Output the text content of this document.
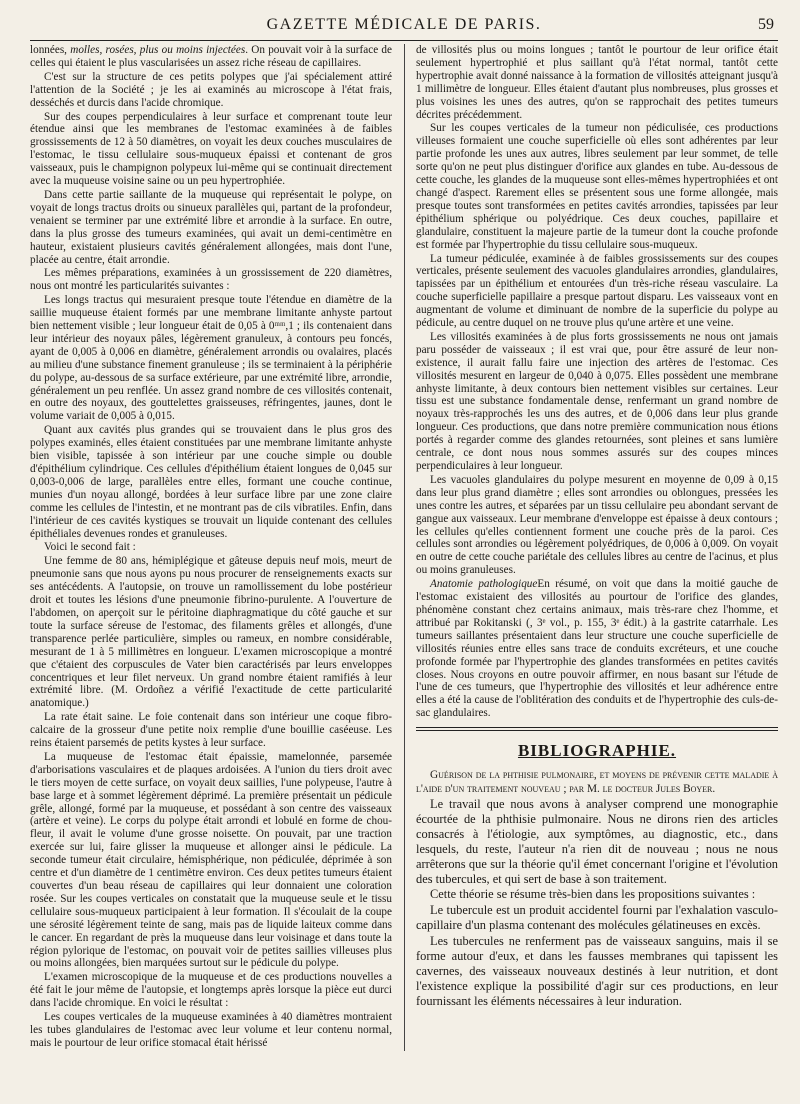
GAZETTE MÉDICALE DE PARIS.	59

lonnées, molles, rosées, plus ou moins injectées. On pouvait voir à la surface de celles qui étaient le plus vascularisées un assez riche réseau de capillaires.

C'est sur la structure de ces petits polypes que j'ai spécialement attiré l'attention de la Société ; je les ai examinés au microscope à l'état frais, desséchés et durcis dans l'acide chromique.

Sur des coupes perpendiculaires à leur surface et comprenant toute leur étendue ainsi que les membranes de l'estomac examinées à de faibles grossissements de 12 à 50 diamètres, on voyait les deux couches musculaires de l'estomac, le tissu cellulaire sous-muqueux épaissi et contenant de gros vaisseaux, puis le champignon polypeux lui-même qui se continuait directement avec la muqueuse voisine saine ou un peu hypertrophiée.

Dans cette partie saillante de la muqueuse qui représentait le polype, on voyait de longs tractus droits ou sinueux parallèles qui, partant de la profondeur, venaient se terminer par une extrémité libre et arrondie à la surface. En outre, dans la plus grosse des tumeurs examinées, qui avait un demi-centimètre en hauteur, existaient plusieurs cavités généralement allongées, mais dont l'une, placée au centre, était arrondie.

Les mêmes préparations, examinées à un grossissement de 220 diamètres, nous ont montré les particularités suivantes :

Les longs tractus qui mesuraient presque toute l'étendue en diamètre de la saillie muqueuse étaient formés par une membrane limitante anhyste partout bien nettement visible ; leur longueur était de 0,05 à 0ᵐᵐ,1 ; ils contenaient dans leur intérieur des noyaux pâles, légèrement granuleux, à contours peu foncés, ayant de 0,005 à 0,006 en diamètre, généralement arrondis ou ovalaires, placés au milieu d'une substance finement granuleuse ; ils se terminaient à la périphérie du polype, au-dessous de sa surface extérieure, par une extrémité libre, arrondie, généralement un peu renflée. Un assez grand nombre de ces villosités contenait, en outre des noyaux, des gouttelettes graisseuses, réfringentes, jaunes, dont le volume variait de 0,005 à 0,015.

Quant aux cavités plus grandes qui se trouvaient dans le plus gros des polypes examinés, elles étaient constituées par une membrane limitante anhyste bien visible, tapissée à son intérieur par une couche simple ou double d'épithélium cylindrique. Ces cellules d'épithélium étaient longues de 0,045 sur 0,003-0,006 de large, parallèles entre elles, formant une couche continue, munies d'un noyau allongé, bordées à leur surface libre par une zone claire comme les cellules de l'intestin, et ne montrant pas de cils vibratiles. Enfin, dans l'intérieur de ces cavités kystiques se trouvait un liquide contenant des cellules épithéliales devenues rondes et granuleuses.

Voici le second fait :

Une femme de 80 ans, hémiplégique et gâteuse depuis neuf mois, meurt de pneumonie sans que nous ayons pu nous procurer de renseignements exacts sur ses antécédents. A l'autopsie, on trouve un ramollissement du lobe postérieur droit et toutes les lésions d'une pneumonie fibrino-purulente. A l'ouverture de l'abdomen, on aperçoit sur le péritoine diaphragmatique du côté gauche et sur toute la surface séreuse de l'estomac, des filaments grêles et allongés, d'une transparence perlée particulière, simples ou rameux, en nombre considérable, mesurant de 1 à 5 millimètres en longueur. L'examen microscopique a montré que c'étaient des corpuscules de Vater bien caractérisés par leurs enveloppes concentriques et leur filet nerveux. Un grand nombre étaient ramifiés à leur extrémité libre. (M. Ordoñez a vérifié l'exactitude de cette particularité anatomique.)

La rate était saine. Le foie contenait dans son intérieur une coque fibro-calcaire de la grosseur d'une petite noix remplie d'une bouillie caséeuse. Les reins étaient parsemés de petits kystes à leur surface.

La muqueuse de l'estomac était épaissie, mamelonnée, parsemée d'arborisations vasculaires et de plaques ardoisées. A l'union du tiers droit avec le tiers moyen de cette surface, on voyait deux saillies, l'une polypeuse, l'autre à base large et à sommet légèrement déprimé. La première présentait un pédicule grêle, allongé, formé par la muqueuse, et possédant à son centre des vaisseaux (artère et veine). Le corps du polype était arrondi et lobulé en forme de chou-fleur, il avait le volume d'une grosse noisette. On pouvait, par une traction exercée sur lui, faire glisser la muqueuse et allonger ainsi le pédicule. La seconde tumeur était circulaire, hémisphérique, non pédiculée, déprimée à son centre et d'un diamètre de 1 centimètre environ. Ces deux petites tumeurs étaient couvertes d'un beau réseau de capillaires qui leur donnaient une coloration rosée. Sur les coupes verticales on constatait que la muqueuse seule et le tissu cellulaire sous-muqueux participaient à leur formation. Il s'écoulait de la coupe une sérosité légèrement teinte de sang, mais pas de liquide laiteux comme dans le cancer. En regardant de près la muqueuse dans leur voisinage et dans toute la région pylorique de l'estomac, on pouvait voir de petites saillies villeuses plus ou moins allongées, bien marquées surtout sur le pédicule du polype.

L'examen microscopique de la muqueuse et de ces productions nouvelles a été fait le jour même de l'autopsie, et longtemps après lorsque la pièce eut durci dans l'acide chromique. En voici le résultat :

Les coupes verticales de la muqueuse examinées à 40 diamètres montraient les tubes glandulaires de l'estomac avec leur volume et leur contenu normal, mais le pourtour de leur orifice stomacal était hérissé

de villosités plus ou moins longues ; tantôt le pourtour de leur orifice était seulement hypertrophié et plus saillant qu'à l'état normal, tantôt cette hypertrophie avait donné naissance à la formation de villosités atteignant jusqu'à 1 millimètre de longueur. Elles étaient d'autant plus nombreuses, plus grosses et plus voisines les unes des autres, qu'on se rapprochait des petites tumeurs décrites précédemment.

Sur les coupes verticales de la tumeur non pédiculisée, ces productions villeuses formaient une couche superficielle où elles sont adhérentes par leur partie profonde les unes aux autres, libres seulement par leur sommet, de telle sorte qu'on ne peut plus distinguer d'orifice aux glandes en tube. Au-dessous de cette couche, les glandes de la muqueuse sont elles-mêmes hypertrophiées et ont changé d'aspect. Rarement elles se présentent sous une forme allongée, mais presque toutes sont transformées en petites cavités arrondies, tapissées par leur épithélium sphérique ou polyédrique. Ces deux couches, papillaire et glandulaire, constituent la majeure partie de la tumeur dont la couche profonde est formée par l'hypertrophie du tissu cellulaire sous-muqueux.

La tumeur pédiculée, examinée à de faibles grossissements sur des coupes verticales, présente seulement des vacuoles glandulaires arrondies, glandulaires, tapissées par un épithélium et entourées d'un très-riche réseau vasculaire. La couche superficielle papillaire a presque partout disparu. Les vaisseaux vont en augmentant de volume et diminuant de nombre de la superficie du polype au pédicule, au centre duquel on ne trouve plus qu'une artère et une veine.

Les villosités examinées à de plus forts grossissements ne nous ont jamais paru posséder de vaisseaux ; il est vrai que, pour être assuré de leur non-existence, il aurait fallu faire une injection des artères de l'estomac. Ces villosités mesurent en largeur de 0,040 à 0,075. Elles possèdent une membrane anhyste limitante, à deux contours bien nettement visibles sur certaines. Leur tissu est une substance fondamentale dense, renfermant un grand nombre de noyaux très-rapprochés les uns des autres, et de 0,006 dans leur plus grande longueur. Ces productions, que dans notre première communication nous étions portés à regarder comme des glandes retournées, sont pleines et sans lumière centrale, ce dont nous nous sommes assurés sur des coupes minces perpendiculaires à leur longueur.

Les vacuoles glandulaires du polype mesurent en moyenne de 0,09 à 0,15 dans leur plus grand diamètre ; elles sont arrondies ou oblongues, pressées les unes contre les autres, et séparées par un tissu cellulaire peu abondant servant de gangue aux vaisseaux. Leur membrane d'enveloppe est épaisse à deux contours ; les cellules qu'elles contiennent forment une couche près de la paroi. Ces cellules sont arrondies ou légèrement polyédriques, de 0,006 à 0,009. On voyait en outre de cette couche pariétale des cellules libres au centre de l'acinus, et plus ou moins granuleuses.

Anatomie pathologiqueEn résumé, on voit que dans la moitié gauche de l'estomac existaient des villosités au pourtour de l'orifice des glandes, phénomène constant chez certains animaux, mais très-rare chez l'homme, et attribué par Rokitanski (, 3ᵉ vol., p. 155, 3ᵉ édit.) à la gastrite catarrhale. Les tumeurs saillantes présentaient dans leur structure une couche superficielle de villosités réunies entre elles sans trace de conduits excréteurs, et une couche profonde formée par l'hypertrophie des glandes transformées en petites cavités closes. Nous croyons en outre pouvoir affirmer, en nous basant sur l'étude de l'une de ces tumeurs, que l'hypertrophie des villosités et leur adhérence entre elles a été la cause de l'oblitération des conduits et de l'hypertrophie des culs-de-sac glandulaires.

BIBLIOGRAPHIE.

Guérison de la phthisie pulmonaire, et moyens de prévenir cette maladie à l'aide d'un traitement nouveau ; par M. le docteur Jules Boyer.

Le travail que nous avons à analyser comprend une monographie écourtée de la phthisie pulmonaire. Nous ne dirons rien des articles consacrés à l'étiologie, aux symptômes, au diagnostic, etc., dans lesquels, du reste, l'auteur n'a rien dit de nouveau ; nous ne nous arrêterons que sur la théorie qu'il émet concernant l'origine et l'évolution des tubercules, et qui sert de base à son traitement.

Cette théorie se résume très-bien dans les propositions suivantes :

Le tubercule est un produit accidentel fourni par l'exhalation vasculo-capillaire d'un plasma contenant des molécules gélatineuses en excès.

Les tubercules ne renferment pas de vaisseaux sanguins, mais il se forme autour d'eux, et dans les fausses membranes qui tapissent les cavernes, des vaisseaux nouveaux destinés à leur nutrition, et dont l'existence explique la possibilité d'agir sur ces productions, en leur fournissant les éléments nécessaires à leur induration.
